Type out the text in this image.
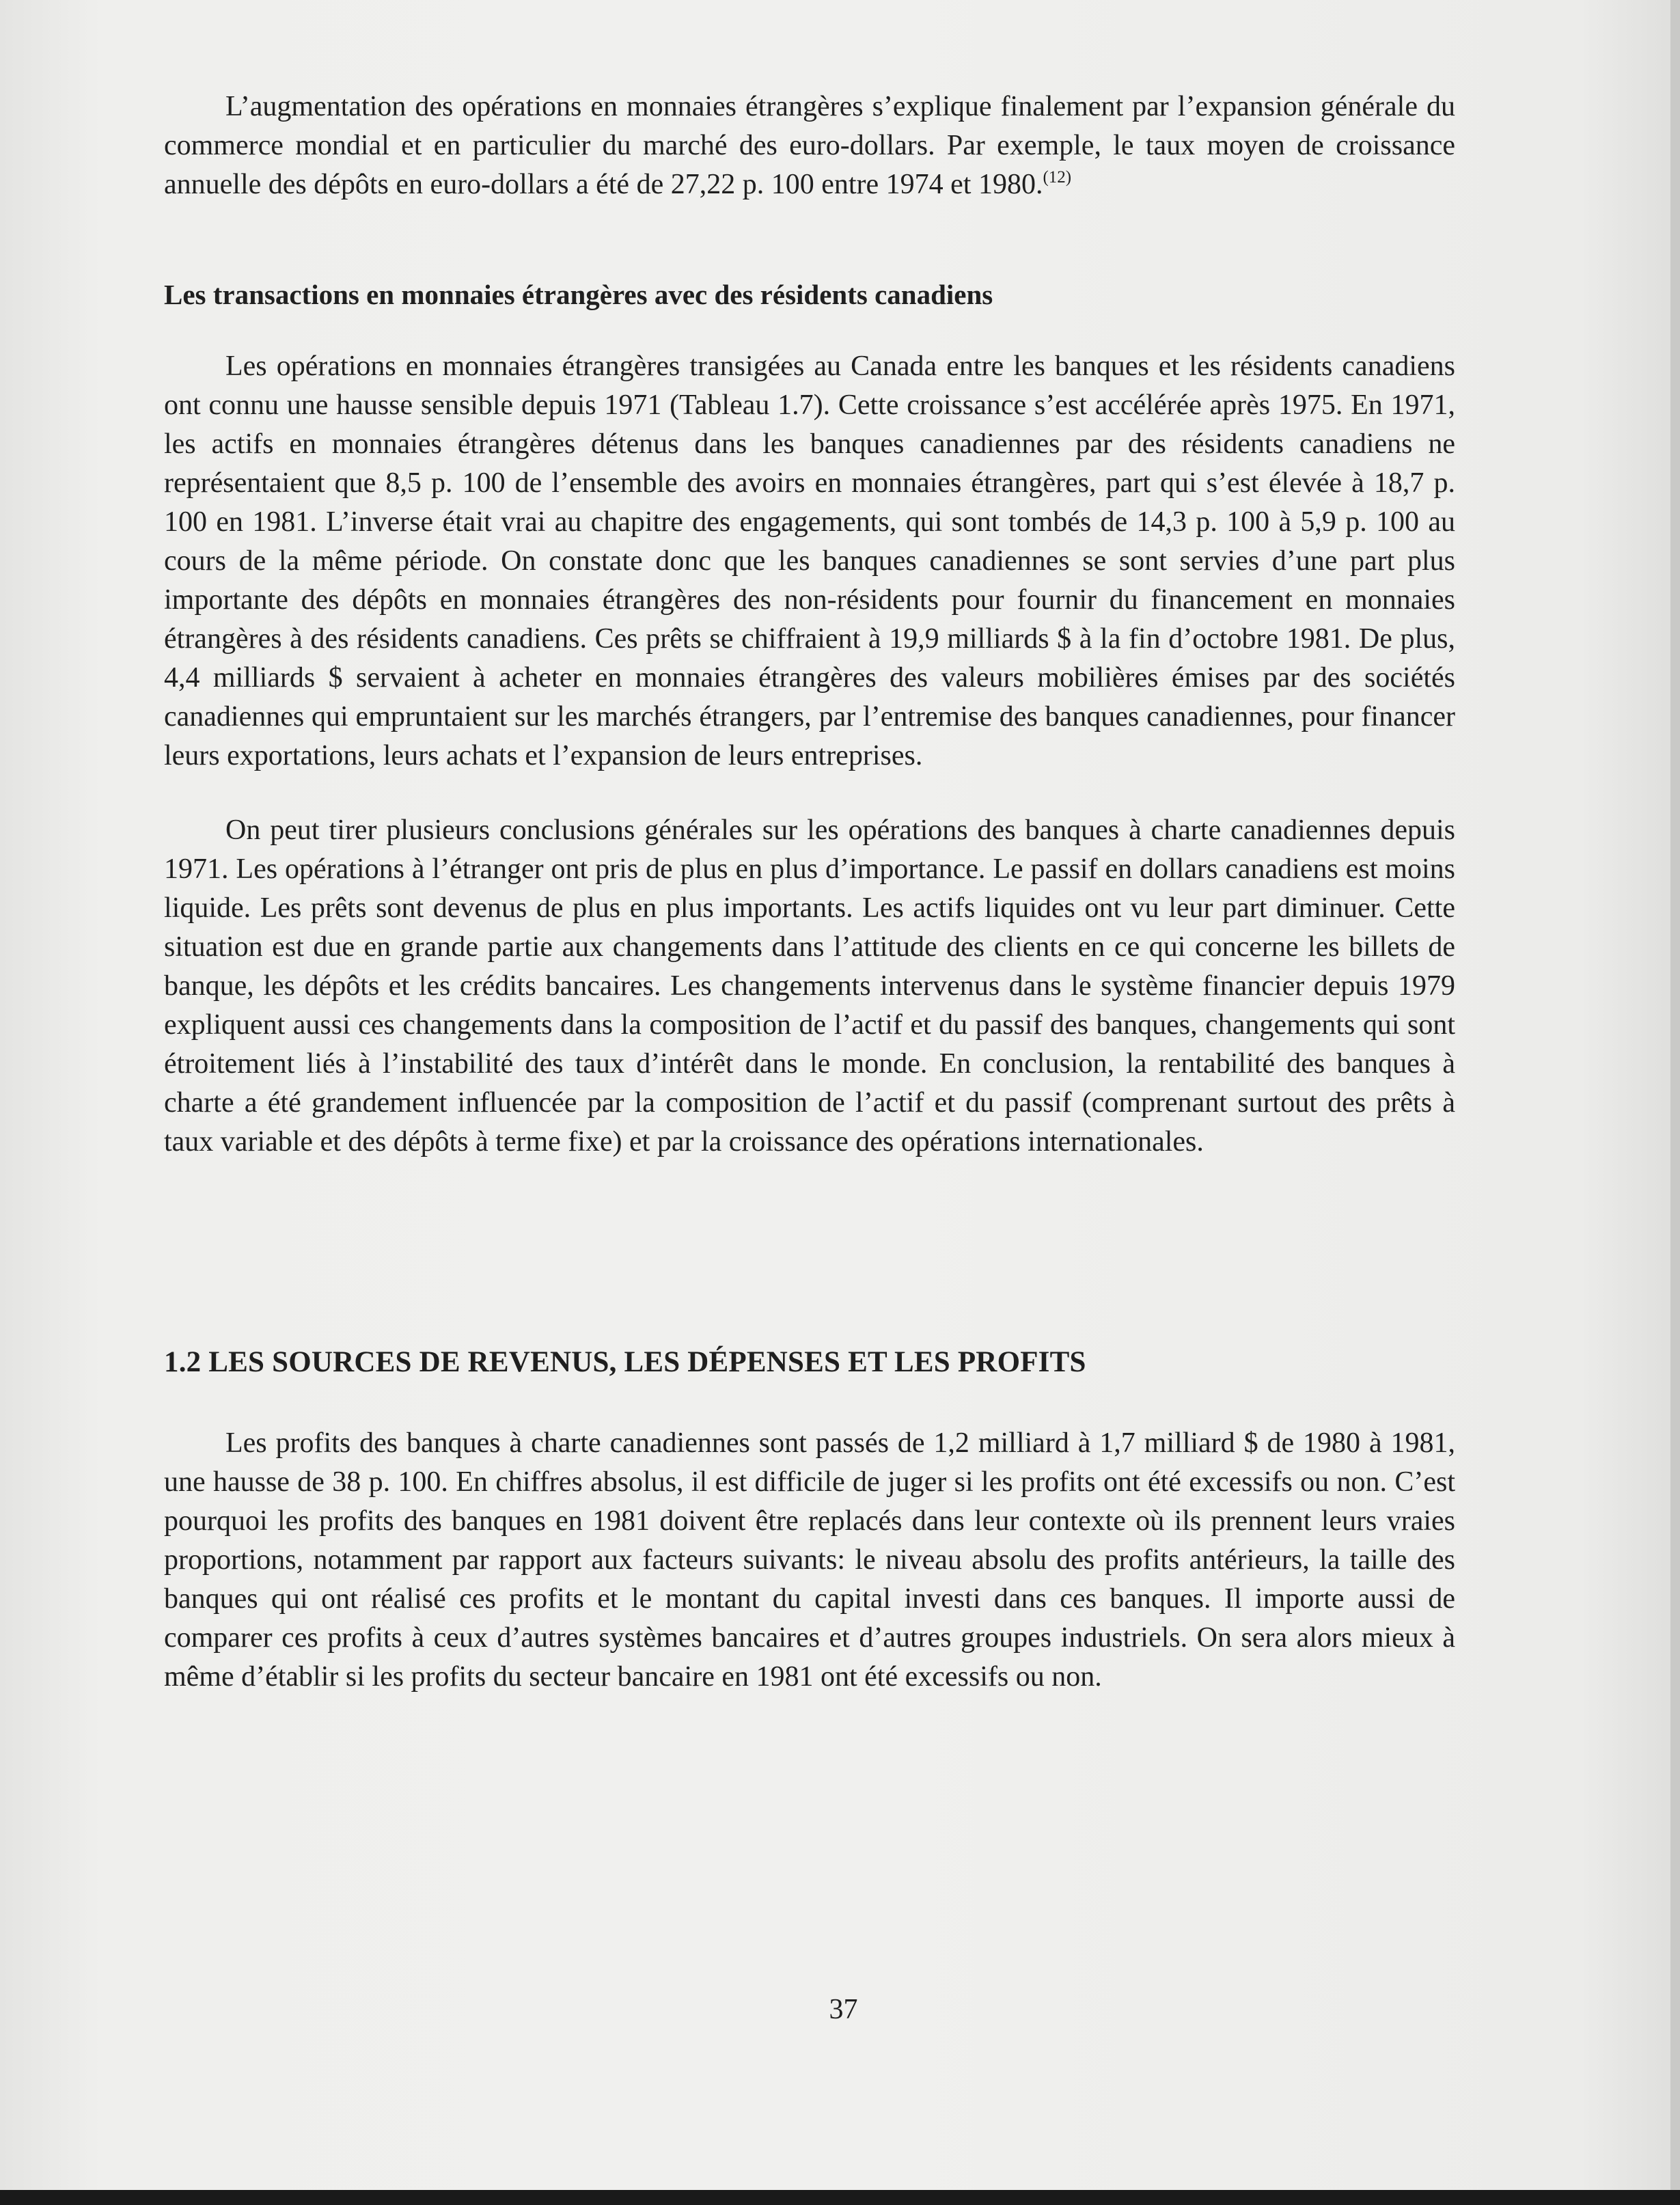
L’augmentation des opérations en monnaies étrangères s’explique finalement par l’expansion générale du commerce mondial et en particulier du marché des euro-dollars. Par exemple, le taux moyen de croissance annuelle des dépôts en euro-dollars a été de 27,22 p. 100 entre 1974 et 1980.$^{(12)}$

Les transactions en monnaies étrangères avec des résidents canadiens

Les opérations en monnaies étrangères transigées au Canada entre les banques et les résidents canadiens ont connu une hausse sensible depuis 1971 (Tableau 1.7). Cette croissance s’est accélérée après 1975. En 1971, les actifs en monnaies étrangères détenus dans les banques canadiennes par des résidents canadiens ne représentaient que 8,5 p. 100 de l’ensemble des avoirs en monnaies étrangères, part qui s’est élevée à 18,7 p. 100 en 1981. L’inverse était vrai au chapitre des engagements, qui sont tombés de 14,3 p. 100 à 5,9 p. 100 au cours de la même période. On constate donc que les banques canadiennes se sont servies d’une part plus importante des dépôts en monnaies étrangères des non-résidents pour fournir du financement en monnaies étrangères à des résidents canadiens. Ces prêts se chiffraient à 19,9 milliards $ à la fin d’octobre 1981. De plus, 4,4 milliards $ servaient à acheter en monnaies étrangères des valeurs mobilières émises par des sociétés canadiennes qui empruntaient sur les marchés étrangers, par l’entremise des banques canadiennes, pour financer leurs exportations, leurs achats et l’expansion de leurs entreprises.

On peut tirer plusieurs conclusions générales sur les opérations des banques à charte canadiennes depuis 1971. Les opérations à l’étranger ont pris de plus en plus d’importance. Le passif en dollars canadiens est moins liquide. Les prêts sont devenus de plus en plus importants. Les actifs liquides ont vu leur part diminuer. Cette situation est due en grande partie aux changements dans l’attitude des clients en ce qui concerne les billets de banque, les dépôts et les crédits bancaires. Les changements intervenus dans le système financier depuis 1979 expliquent aussi ces changements dans la composition de l’actif et du passif des banques, changements qui sont étroitement liés à l’instabilité des taux d’intérêt dans le monde. En conclusion, la rentabilité des banques à charte a été grandement influencée par la composition de l’actif et du passif (comprenant surtout des prêts à taux variable et des dépôts à terme fixe) et par la croissance des opérations internationales.

1.2 LES SOURCES DE REVENUS, LES DÉPENSES ET LES PROFITS

Les profits des banques à charte canadiennes sont passés de 1,2 milliard à 1,7 milliard $ de 1980 à 1981, une hausse de 38 p. 100. En chiffres absolus, il est difficile de juger si les profits ont été excessifs ou non. C’est pourquoi les profits des banques en 1981 doivent être replacés dans leur contexte où ils prennent leurs vraies proportions, notamment par rapport aux facteurs suivants: le niveau absolu des profits antérieurs, la taille des banques qui ont réalisé ces profits et le montant du capital investi dans ces banques. Il importe aussi de comparer ces profits à ceux d’autres systèmes bancaires et d’autres groupes industriels. On sera alors mieux à même d’établir si les profits du secteur bancaire en 1981 ont été excessifs ou non.

37
